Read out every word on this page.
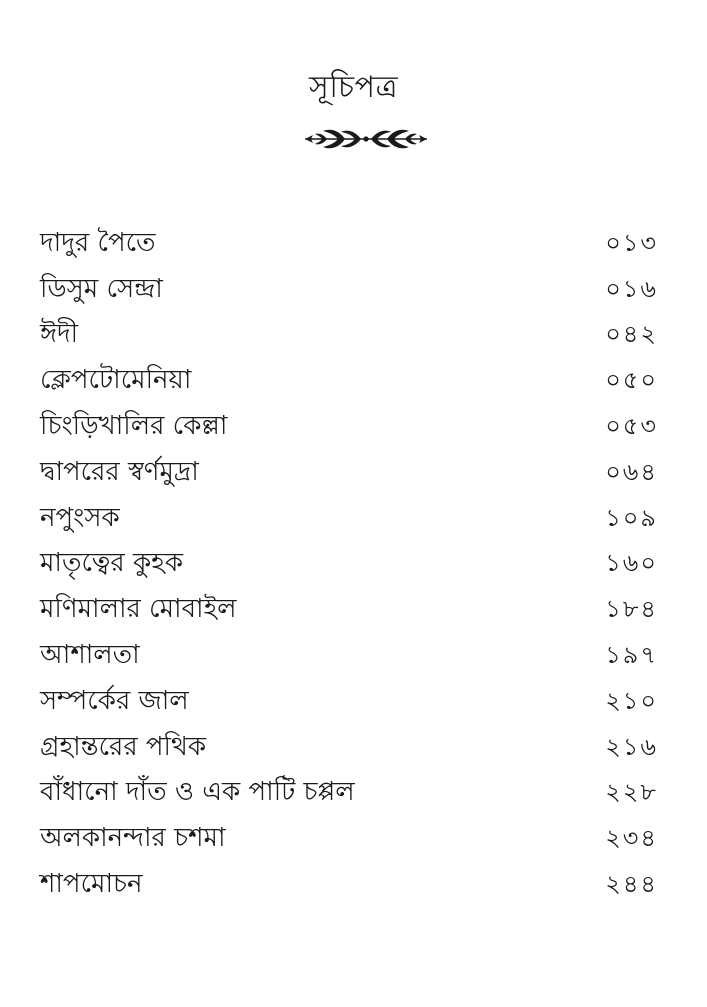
সূচিপত্র
দাদুর পৈতে	০১৩
ডিসুম সেন্দ্রা	০১৬
ঈদী	০৪২
ক্লেপটোমেনিয়া	০৫০
চিংড়িখালির কেল্লা	০৫৩
দ্বাপরের স্বর্ণমুদ্রা	০৬৪
নপুংসক	১০৯
মাতৃত্বের কুহক	১৬০
মণিমালার মোবাইল	১৮৪
আশালতা	১৯৭
সম্পর্কের জাল	২১০
গ্রহান্তরের পথিক	২১৬
বাঁধানো দাঁত ও এক পাটি চপ্পল	২২৮
অলকানন্দার চশমা	২৩৪
শাপমোচন	২৪৪
